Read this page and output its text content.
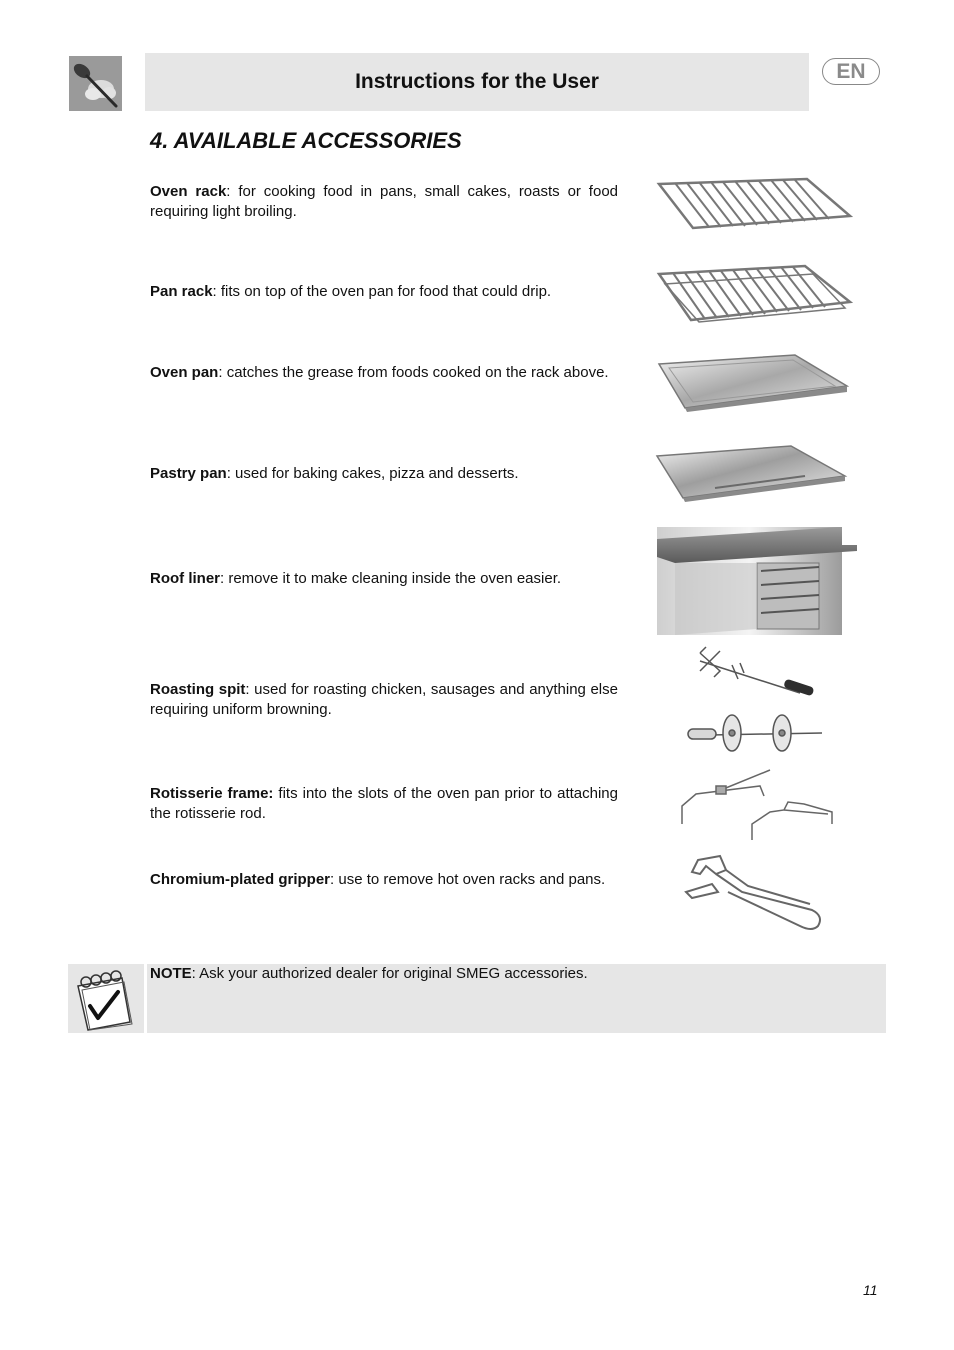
Instructions for the User	EN
4. AVAILABLE ACCESSORIES
Oven rack: for cooking food in pans, small cakes, roasts or food requiring light broiling.
Pan rack: fits on top of the oven pan for food that could drip.
Oven pan: catches the grease from foods cooked on the rack above.
Pastry pan: used for baking cakes, pizza and desserts.
Roof liner: remove it to make cleaning inside the oven easier.
Roasting spit: used for roasting chicken, sausages and anything else requiring uniform browning.
Rotisserie frame: fits into the slots of the oven pan prior to attaching the rotisserie rod.
Chromium-plated gripper: use to remove hot oven racks and pans.
NOTE: Ask your authorized dealer for original SMEG accessories.
11
